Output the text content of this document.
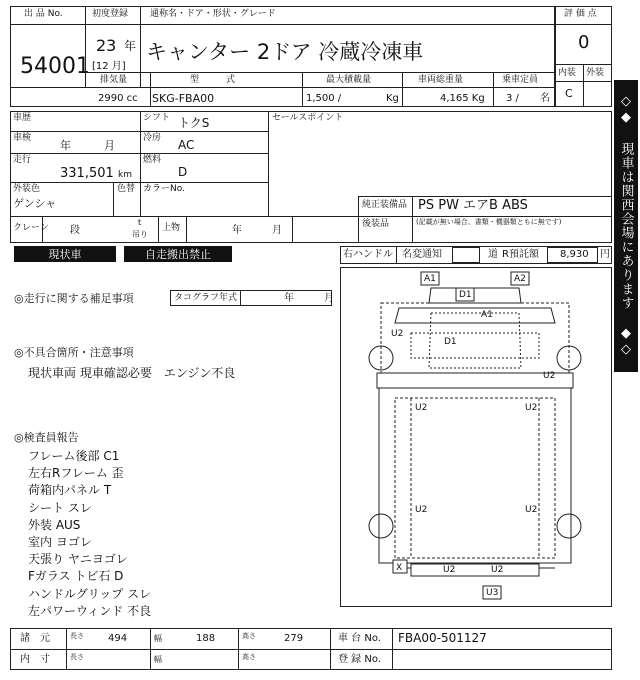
出 品 No.
54001
初度登録
23 年
[12 月]
通称名・ドア・形状・グレード
キャンター 2ドア 冷蔵冷凍車
評 価 点
0
内装 外装
C
排気量
2990 cc
型　　　式
SKG-FBA00
最大積載量
1,500 /	Kg
車両総重量
4,165 Kg
乗車定員
3 / 名
車歴	シフト トクS
車検
年　　　月
冷房 AC
走行
331,501 km
燃料
D
外装色
ゲンシャ
色替 カラーNo.
クレーン 段
t
吊り
上物	年　　　月
セールスポイント
純正装備品 PS PW エアB ABS
後装品	(記載が無い場合、書類・機器類ともに無です)
現状車	自走搬出禁止	右ハンドル 名変通知	道 R預託額 8,930 円
◎走行に関する補足事項	タコグラフ年式	年　　　月
◎不具合箇所・注意事項
現状車両 現車確認必要　エンジン不良
◎検査員報告
フレーム後部 C1
左右Rフレーム 歪
荷箱内パネル T
シート スレ
外装 AUS
室内 ヨゴレ
天張り ヤニヨゴレ
Fガラス トビ石 D
ハンドルグリップ スレ
左パワーウィンド 不良
◇◆ 現車は関西会場にあります ◆◇
A1	A2
D1
A1
D1
U2
U2
U2	U2
U2	U2
X	U2	U2
U3
諸　元	長さ 494	幅	188	高さ	279	車 台 No. FBA00-501127
内　寸	長さ	幅	高さ	登 録 No.
